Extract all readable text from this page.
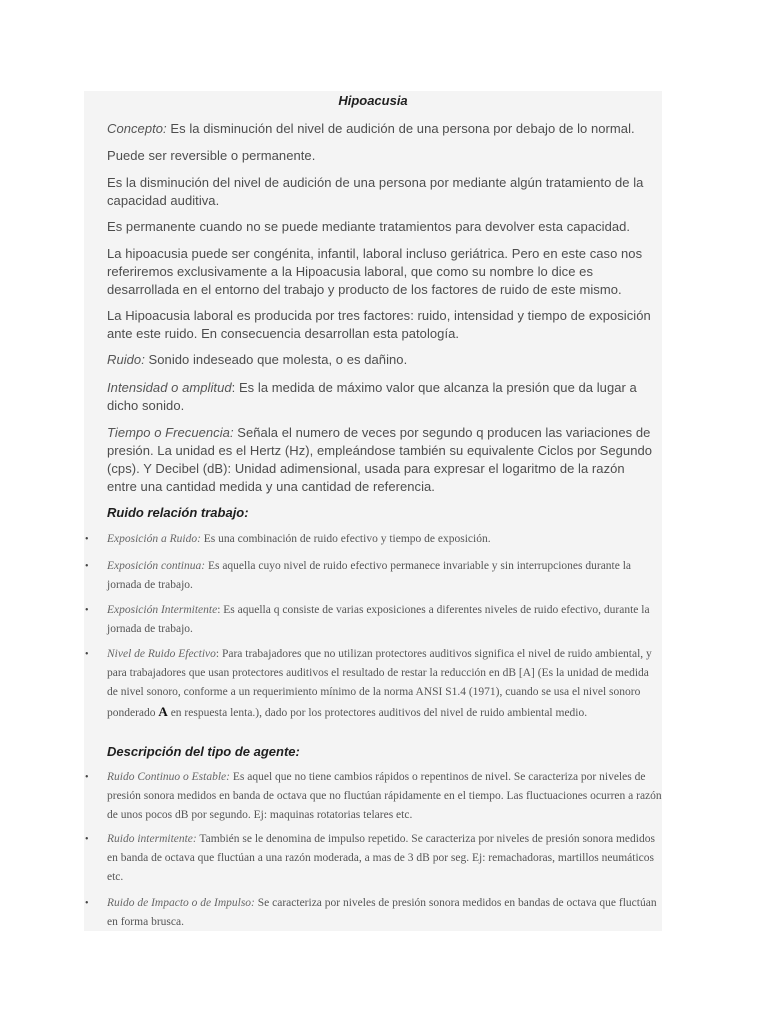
Hipoacusia

Concepto: Es la disminución del nivel de audición de una persona por debajo de lo normal.

Puede ser reversible o permanente.

Es la disminución del nivel de audición de una persona por mediante algún tratamiento de la capacidad auditiva.

Es permanente cuando no se puede mediante tratamientos para devolver esta capacidad.

La hipoacusia puede ser congénita, infantil, laboral incluso geriátrica. Pero en este caso nos referiremos exclusivamente a la Hipoacusia laboral, que como su nombre lo dice es desarrollada en el entorno del trabajo y producto de los factores de ruido de este mismo.

La Hipoacusia laboral es producida por tres factores: ruido, intensidad y tiempo de exposición ante este ruido. En consecuencia desarrollan esta patología.

Ruido: Sonido indeseado que molesta, o es dañino.

Intensidad o amplitud: Es la medida de máximo valor que alcanza la presión que da lugar a dicho sonido.

Tiempo o Frecuencia: Señala el numero de veces por segundo q producen las variaciones de presión. La unidad es el Hertz (Hz), empleándose también su equivalente Ciclos por Segundo (cps). Y Decibel (dB): Unidad adimensional, usada para expresar el logaritmo de la razón entre una cantidad medida y una cantidad de referencia.

Ruido relación trabajo:
• Exposición a Ruido: Es una combinación de ruido efectivo y tiempo de exposición.
• Exposición continua: Es aquella cuyo nivel de ruido efectivo permanece invariable y sin interrupciones durante la jornada de trabajo.
• Exposición Intermitente: Es aquella q consiste de varias exposiciones a diferentes niveles de ruido efectivo, durante la jornada de trabajo.
• Nivel de Ruido Efectivo: Para trabajadores que no utilizan protectores auditivos significa el nivel de ruido ambiental, y para trabajadores que usan protectores auditivos el resultado de restar la reducción en dB [A] (Es la unidad de medida de nivel sonoro, conforme a un requerimiento mínimo de la norma ANSI S1.4 (1971), cuando se usa el nivel sonoro ponderado A en respuesta lenta.), dado por los protectores auditivos del nivel de ruido ambiental medio.
Descripción del tipo de agente:
• Ruido Continuo o Estable: Es aquel que no tiene cambios rápidos o repentinos de nivel. Se caracteriza por niveles de presión sonora medidos en banda de octava que no fluctúan rápidamente en el tiempo. Las fluctuaciones ocurren a razón de unos pocos dB por segundo. Ej: maquinas rotatorias telares etc.
• Ruido intermitente: También se le denomina de impulso repetido. Se caracteriza por niveles de presión sonora medidos en banda de octava que fluctúan a una razón moderada, a mas de 3 dB por seg. Ej: remachadoras, martillos neumáticos etc.
• Ruido de Impacto o de Impulso: Se caracteriza por niveles de presión sonora medidos en bandas de octava que fluctúan en forma brusca.
